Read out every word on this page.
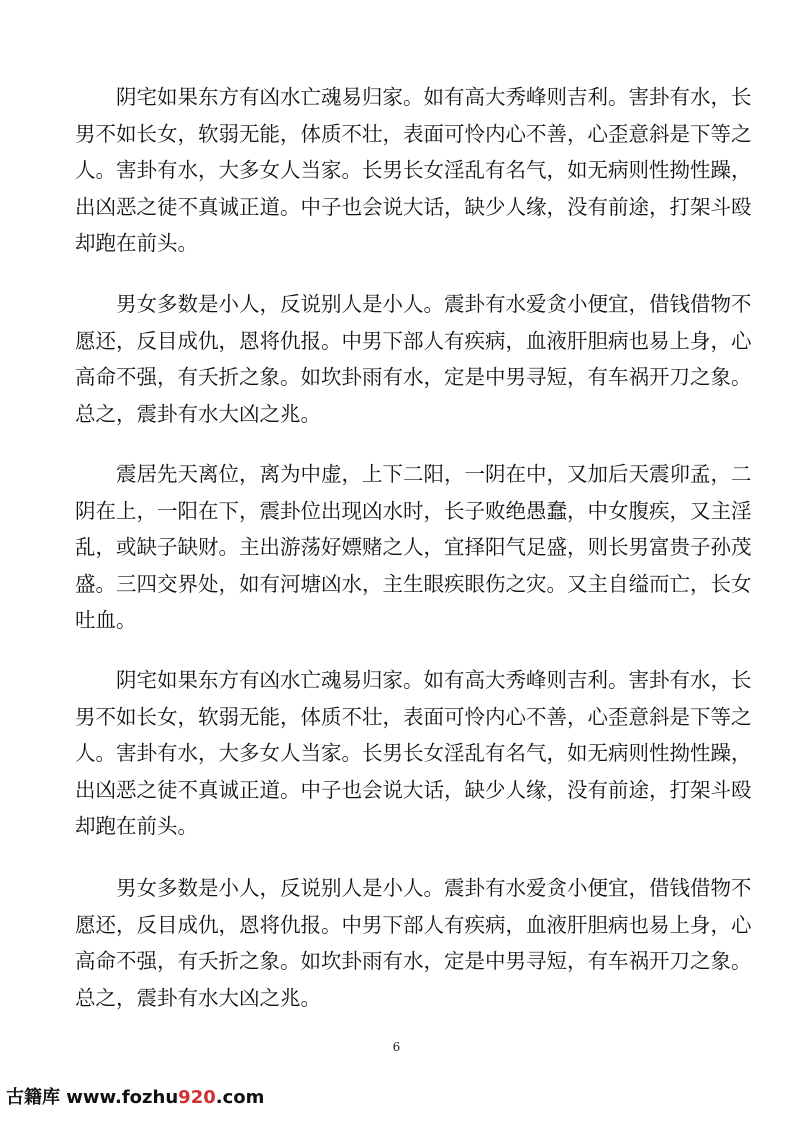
阴宅如果东方有凶水亡魂易归家。如有高大秀峰则吉利。害卦有水，长
男不如长女，软弱无能，体质不壮，表面可怜内心不善，心歪意斜是下等之
人。害卦有水，大多女人当家。长男长女淫乱有名气，如无病则性拗性躁，
出凶恶之徒不真诚正道。中子也会说大话，缺少人缘，没有前途，打架斗殴
却跑在前头。

男女多数是小人，反说别人是小人。震卦有水爱贪小便宜，借钱借物不
愿还，反目成仇，恩将仇报。中男下部人有疾病，血液肝胆病也易上身，心
高命不强，有夭折之象。如坎卦雨有水，定是中男寻短，有车祸开刀之象。
总之，震卦有水大凶之兆。

震居先天离位，离为中虚，上下二阳，一阴在中，又加后天震卯孟，二
阴在上，一阳在下，震卦位出现凶水时，长子败绝愚蠢，中女腹疾，又主淫
乱，或缺子缺财。主出游荡好嫖赌之人，宜择阳气足盛，则长男富贵子孙茂
盛。三四交界处，如有河塘凶水，主生眼疾眼伤之灾。又主自缢而亡，长女
吐血。

阴宅如果东方有凶水亡魂易归家。如有高大秀峰则吉利。害卦有水，长
男不如长女，软弱无能，体质不壮，表面可怜内心不善，心歪意斜是下等之
人。害卦有水，大多女人当家。长男长女淫乱有名气，如无病则性拗性躁，
出凶恶之徒不真诚正道。中子也会说大话，缺少人缘，没有前途，打架斗殴
却跑在前头。

男女多数是小人，反说别人是小人。震卦有水爱贪小便宜，借钱借物不
愿还，反目成仇，恩将仇报。中男下部人有疾病，血液肝胆病也易上身，心
高命不强，有夭折之象。如坎卦雨有水，定是中男寻短，有车祸开刀之象。
总之，震卦有水大凶之兆。

6
古籍库 www.fozhu920.com
